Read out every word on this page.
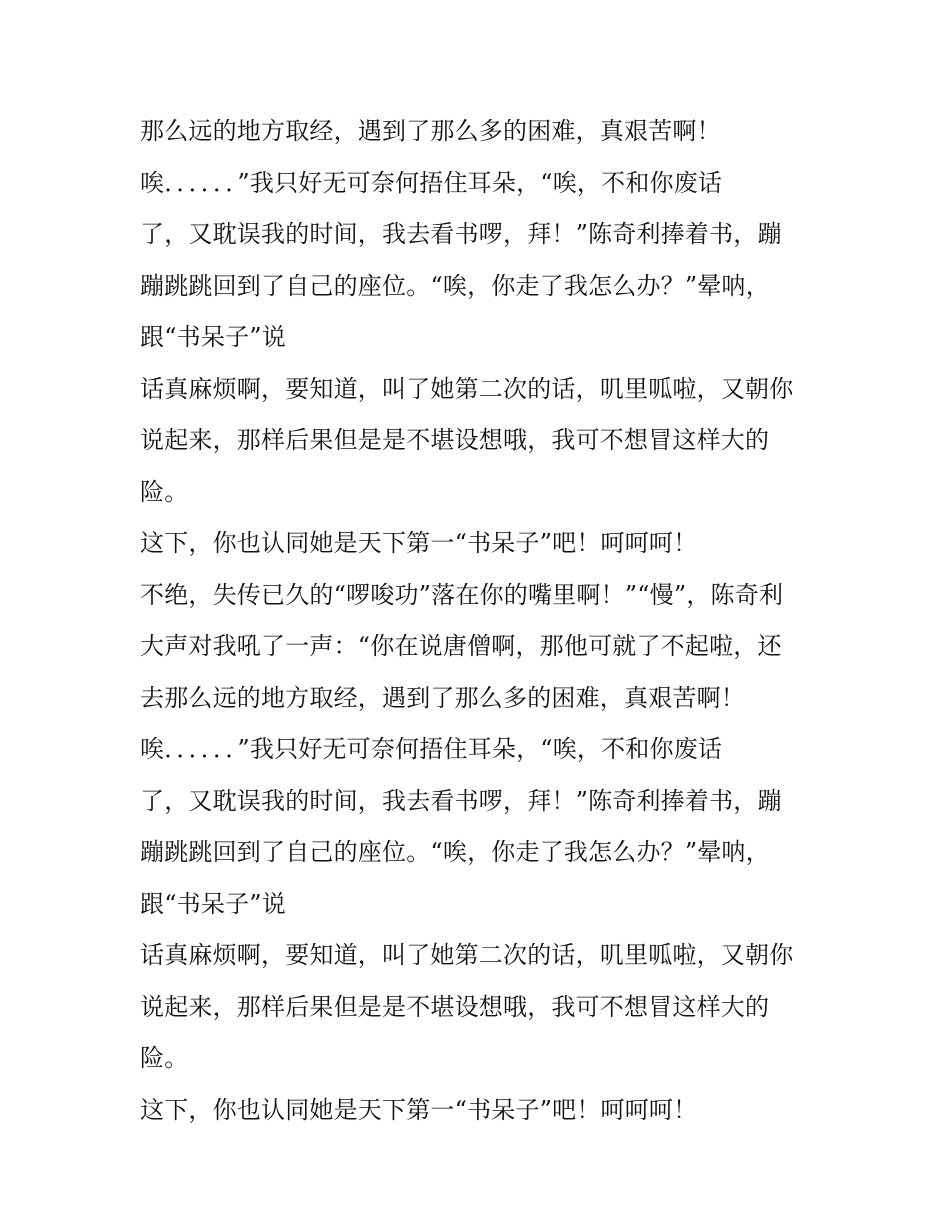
那么远的地方取经，遇到了那么多的困难，真艰苦啊！
唉．．．．．．”我只好无可奈何捂住耳朵，“唉，不和你废话
了，又耽误我的时间，我去看书啰，拜！”陈奇利捧着书，蹦
蹦跳跳回到了自己的座位。“唉，你走了我怎么办？”晕呐，
跟“书呆子”说
话真麻烦啊，要知道，叫了她第二次的话，叽里呱啦，又朝你
说起来，那样后果但是是不堪设想哦，我可不想冒这样大的
险。
这下，你也认同她是天下第一“书呆子”吧！呵呵呵！
不绝，失传已久的“啰唆功”落在你的嘴里啊！”“慢”，陈奇利
大声对我吼了一声：“你在说唐僧啊，那他可就了不起啦，还
去那么远的地方取经，遇到了那么多的困难，真艰苦啊！
唉．．．．．．”我只好无可奈何捂住耳朵，“唉，不和你废话
了，又耽误我的时间，我去看书啰，拜！”陈奇利捧着书，蹦
蹦跳跳回到了自己的座位。“唉，你走了我怎么办？”晕呐，
跟“书呆子”说
话真麻烦啊，要知道，叫了她第二次的话，叽里呱啦，又朝你
说起来，那样后果但是是不堪设想哦，我可不想冒这样大的
险。
这下，你也认同她是天下第一“书呆子”吧！呵呵呵！
